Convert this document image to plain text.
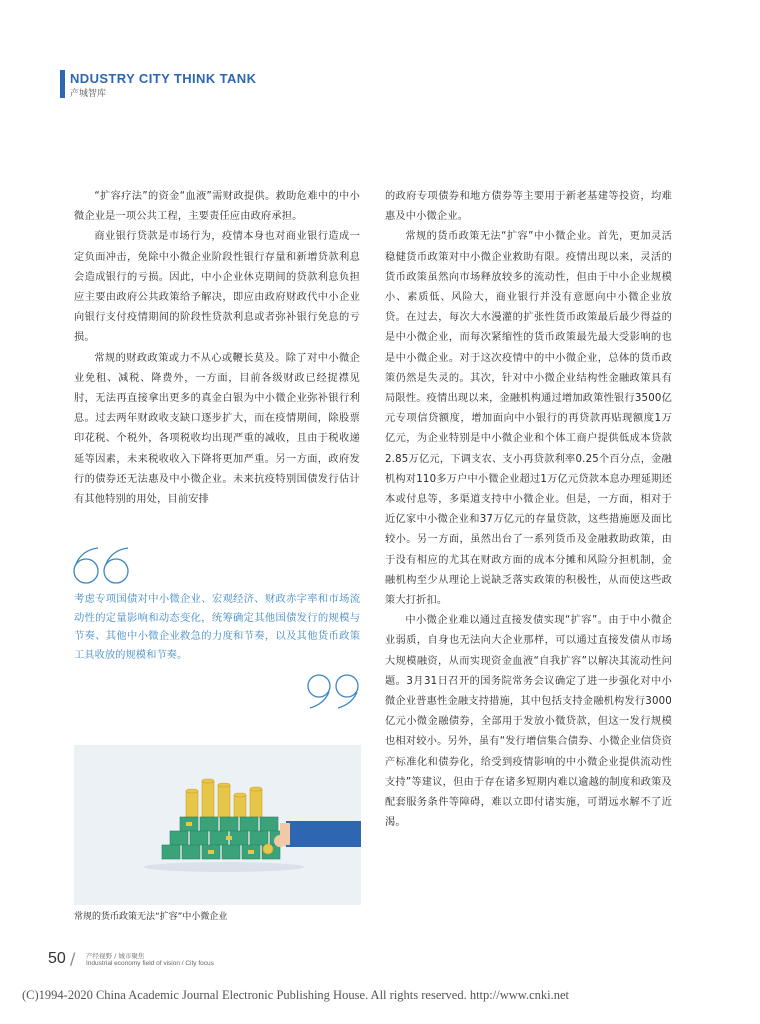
NDUSTRY CITY THINK TANK
产城智库

“扩容疗法”的资金“血液”需财政提供。救助危难中的中小微企业是一项公共工程，主要责任应由政府承担。

商业银行贷款是市场行为，疫情本身也对商业银行造成一定负面冲击，免除中小微企业阶段性银行存量和新增贷款利息会造成银行的亏损。因此，中小企业休克期间的贷款利息负担应主要由政府公共政策给予解决，即应由政府财政代中小企业向银行支付疫情期间的阶段性贷款利息或者弥补银行免息的亏损。

常规的财政政策或力不从心或鞭长莫及。除了对中小微企业免租、减税、降费外，一方面，目前各级财政已经捉襟见肘，无法再直接拿出更多的真金白银为中小微企业弥补银行利息。过去两年财政收支缺口逐步扩大，而在疫情期间，除股票印花税、个税外，各项税收均出现严重的减收，且由于税收递延等因素，未来税收收入下降将更加严重。另一方面，政府发行的债券还无法惠及中小微企业。未来抗疫特别国债发行估计有其他特别的用处，目前安排

考虑专项国债对中小微企业、宏观经济、财政赤字率和市场流动性的定量影响和动态变化，统筹确定其他国债发行的规模与节奏、其他中小微企业救急的力度和节奏，以及其他货币政策工具收放的规模和节奏。
常规的货币政策无法“扩容”中小微企业

的政府专项债券和地方债券等主要用于新老基建等投资，均难惠及中小微企业。

常规的货币政策无法“扩容”中小微企业。首先，更加灵活稳健货币政策对中小微企业救助有限。疫情出现以来，灵活的货币政策虽然向市场释放较多的流动性，但由于中小企业规模小、素质低、风险大，商业银行并没有意愿向中小微企业放贷。在过去，每次大水漫灌的扩张性货币政策最后最少得益的是中小微企业，而每次紧缩性的货币政策最先最大受影响的也是中小微企业。对于这次疫情中的中小微企业，总体的货币政策仍然是失灵的。其次，针对中小微企业结构性金融政策具有局限性。疫情出现以来，金融机构通过增加政策性银行3500亿元专项信贷额度，增加面向中小银行的再贷款再贴现额度1万亿元，为企业特别是中小微企业和个体工商户提供低成本贷款2.85万亿元，下调支农、支小再贷款利率0.25个百分点，金融机构对110多万户中小微企业超过1万亿元贷款本息办理延期还本或付息等，多渠道支持中小微企业。但是，一方面，相对于近亿家中小微企业和37万亿元的存量贷款，这些措施愿及面比较小。另一方面，虽然出台了一系列货币及金融救助政策，由于没有相应的尤其在财政方面的成本分摊和风险分担机制，金融机构至少从理论上说缺乏落实政策的积极性，从而使这些政策大打折扣。

中小微企业难以通过直接发债实现“扩容”。由于中小微企业弱质，自身也无法向大企业那样，可以通过直接发债从市场大规模融资，从而实现资金血液“自我扩容”以解决其流动性问题。3月31日召开的国务院常务会议确定了进一步强化对中小微企业普惠性金融支持措施，其中包括支持金融机构发行3000亿元小微金融债券，全部用于发放小微贷款，但这一发行规模也相对较小。另外，虽有“发行增信集合债券、小微企业信贷资产标准化和债券化，给受到疫情影响的中小微企业提供流动性支持”等建议，但由于存在诸多短期内难以逾越的制度和政策及配套服务条件等障碍，难以立即付诸实施，可谓远水解不了近渴。

50 / 产经视野 / 城市聚焦
Industrial economy field of vision / City focus
(C)1994-2020 China Academic Journal Electronic Publishing House. All rights reserved. http://www.cnki.net
